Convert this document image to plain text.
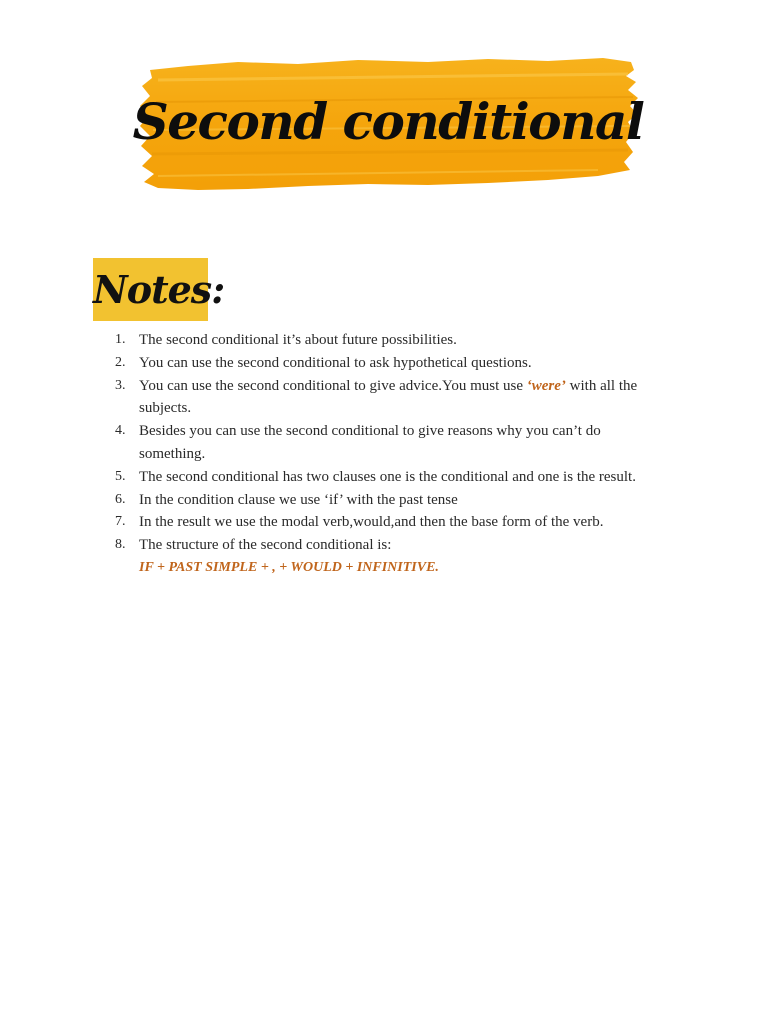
Second conditional
Notes:
1. The second conditional it’s about future possibilities.
2. You can use the second conditional to ask hypothetical questions.
3. You can use the second conditional to give advice.You must use ‘were’ with all the subjects.
4. Besides you can use the second conditional to give reasons why you can’t do something.
5. The second conditional has two clauses one is the conditional and one is the result.
6. In the condition clause we use ‘if’ with the past tense
7. In the result we use the modal verb,would,and then the base form of the verb.
8. The structure of the second conditional is:
IF + PAST SIMPLE + , + WOULD + INFINITIVE.
